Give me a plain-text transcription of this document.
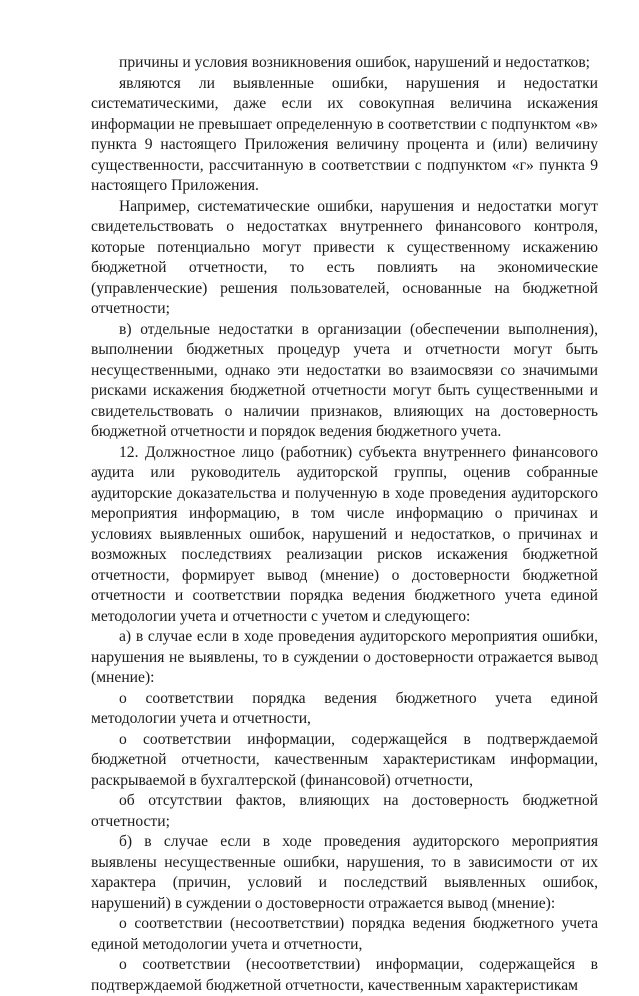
причины и условия возникновения ошибок, нарушений и недостатков;

являются ли выявленные ошибки, нарушения и недостатки систематическими, даже если их совокупная величина искажения информации не превышает определенную в соответствии с подпунктом «в» пункта 9 настоящего Приложения величину процента и (или) величину существенности, рассчитанную в соответствии с подпунктом «г» пункта 9 настоящего Приложения.

Например, систематические ошибки, нарушения и недостатки могут свидетельствовать о недостатках внутреннего финансового контроля, которые потенциально могут привести к существенному искажению бюджетной отчетности, то есть повлиять на экономические (управленческие) решения пользователей, основанные на бюджетной отчетности;

в) отдельные недостатки в организации (обеспечении выполнения), выполнении бюджетных процедур учета и отчетности могут быть несущественными, однако эти недостатки во взаимосвязи со значимыми рисками искажения бюджетной отчетности могут быть существенными и свидетельствовать о наличии признаков, влияющих на достоверность бюджетной отчетности и порядок ведения бюджетного учета.

12. Должностное лицо (работник) субъекта внутреннего финансового аудита или руководитель аудиторской группы, оценив собранные аудиторские доказательства и полученную в ходе проведения аудиторского мероприятия информацию, в том числе информацию о причинах и условиях выявленных ошибок, нарушений и недостатков, о причинах и возможных последствиях реализации рисков искажения бюджетной отчетности, формирует вывод (мнение) о достоверности бюджетной отчетности и соответствии порядка ведения бюджетного учета единой методологии учета и отчетности с учетом и следующего:

а) в случае если в ходе проведения аудиторского мероприятия ошибки, нарушения не выявлены, то в суждении о достоверности отражается вывод (мнение):

о соответствии порядка ведения бюджетного учета единой методологии учета и отчетности,

о соответствии информации, содержащейся в подтверждаемой бюджетной отчетности, качественным характеристикам информации, раскрываемой в бухгалтерской (финансовой) отчетности,

об отсутствии фактов, влияющих на достоверность бюджетной отчетности;

б) в случае если в ходе проведения аудиторского мероприятия выявлены несущественные ошибки, нарушения, то в зависимости от их характера (причин, условий и последствий выявленных ошибок, нарушений) в суждении о достоверности отражается вывод (мнение):

о соответствии (несоответствии) порядка ведения бюджетного учета единой методологии учета и отчетности,

о соответствии (несоответствии) информации, содержащейся в подтверждаемой бюджетной отчетности, качественным характеристикам
